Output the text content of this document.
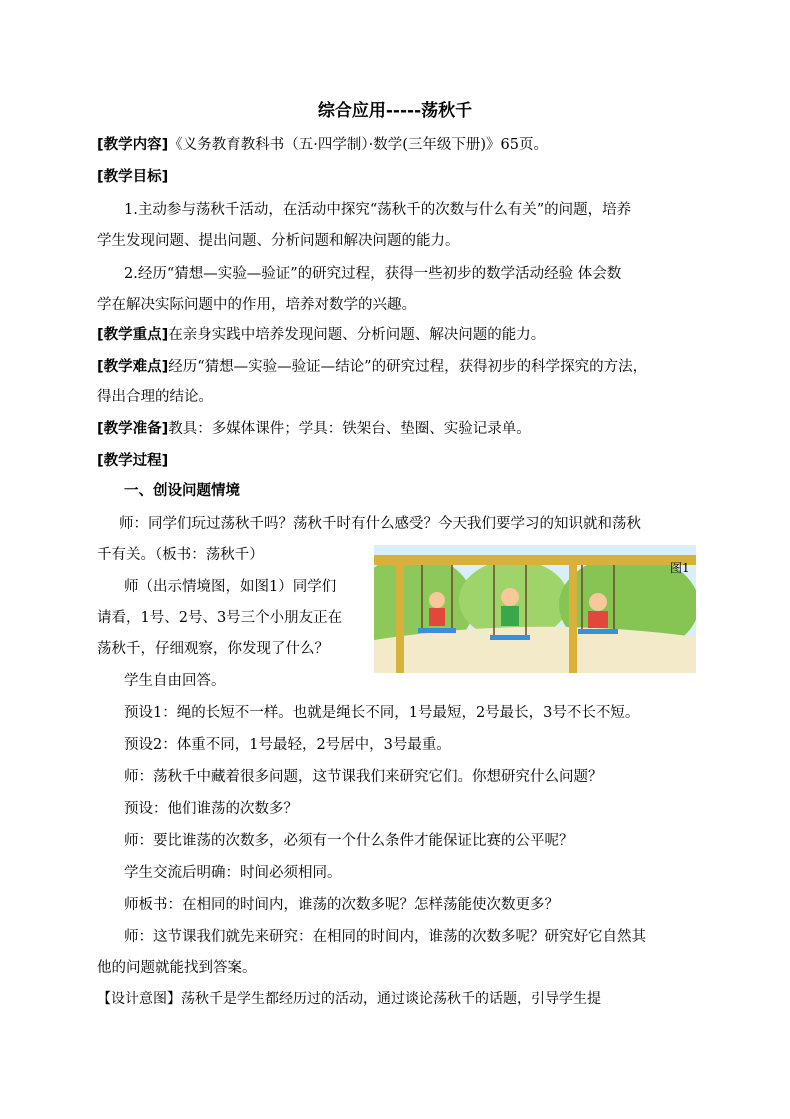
综合应用-----荡秋千
[教学内容]《义务教育教科书（五·四学制）·数学(三年级下册)》65页。
[教学目标]
1.主动参与荡秋千活动，在活动中探究“荡秋千的次数与什么有关”的问题，培养
学生发现问题、提出问题、分析问题和解决问题的能力。
2.经历“猜想—实验—验证”的研究过程，获得一些初步的数学活动经验 体会数
学在解决实际问题中的作用，培养对数学的兴趣。
[教学重点]在亲身实践中培养发现问题、分析问题、解决问题的能力。
[教学难点]经历“猜想—实验—验证—结论”的研究过程，获得初步的科学探究的方法，
得出合理的结论。
[教学准备]教具：多媒体课件；学具：铁架台、垫圈、实验记录单。
[教学过程]
一、创设问题情境
师：同学们玩过荡秋千吗？荡秋千时有什么感受？今天我们要学习的知识就和荡秋
千有关。（板书：荡秋千）
师（出示情境图，如图1）同学们
请看，1号、2号、3号三个小朋友正在
荡秋千，仔细观察，你发现了什么？
学生自由回答。
预设1：绳的长短不一样。也就是绳长不同，1号最短，2号最长，3号不长不短。
预设2：体重不同，1号最轻，2号居中，3号最重。
师：荡秋千中藏着很多问题，这节课我们来研究它们。你想研究什么问题？
预设：他们谁荡的次数多？
师：要比谁荡的次数多，必须有一个什么条件才能保证比赛的公平呢？
学生交流后明确：时间必须相同。
师板书：在相同的时间内，谁荡的次数多呢？怎样荡能使次数更多？
师：这节课我们就先来研究：在相同的时间内，谁荡的次数多呢？研究好它自然其
他的问题就能找到答案。
【设计意图】荡秋千是学生都经历过的活动，通过谈论荡秋千的话题，引导学生提
图1
